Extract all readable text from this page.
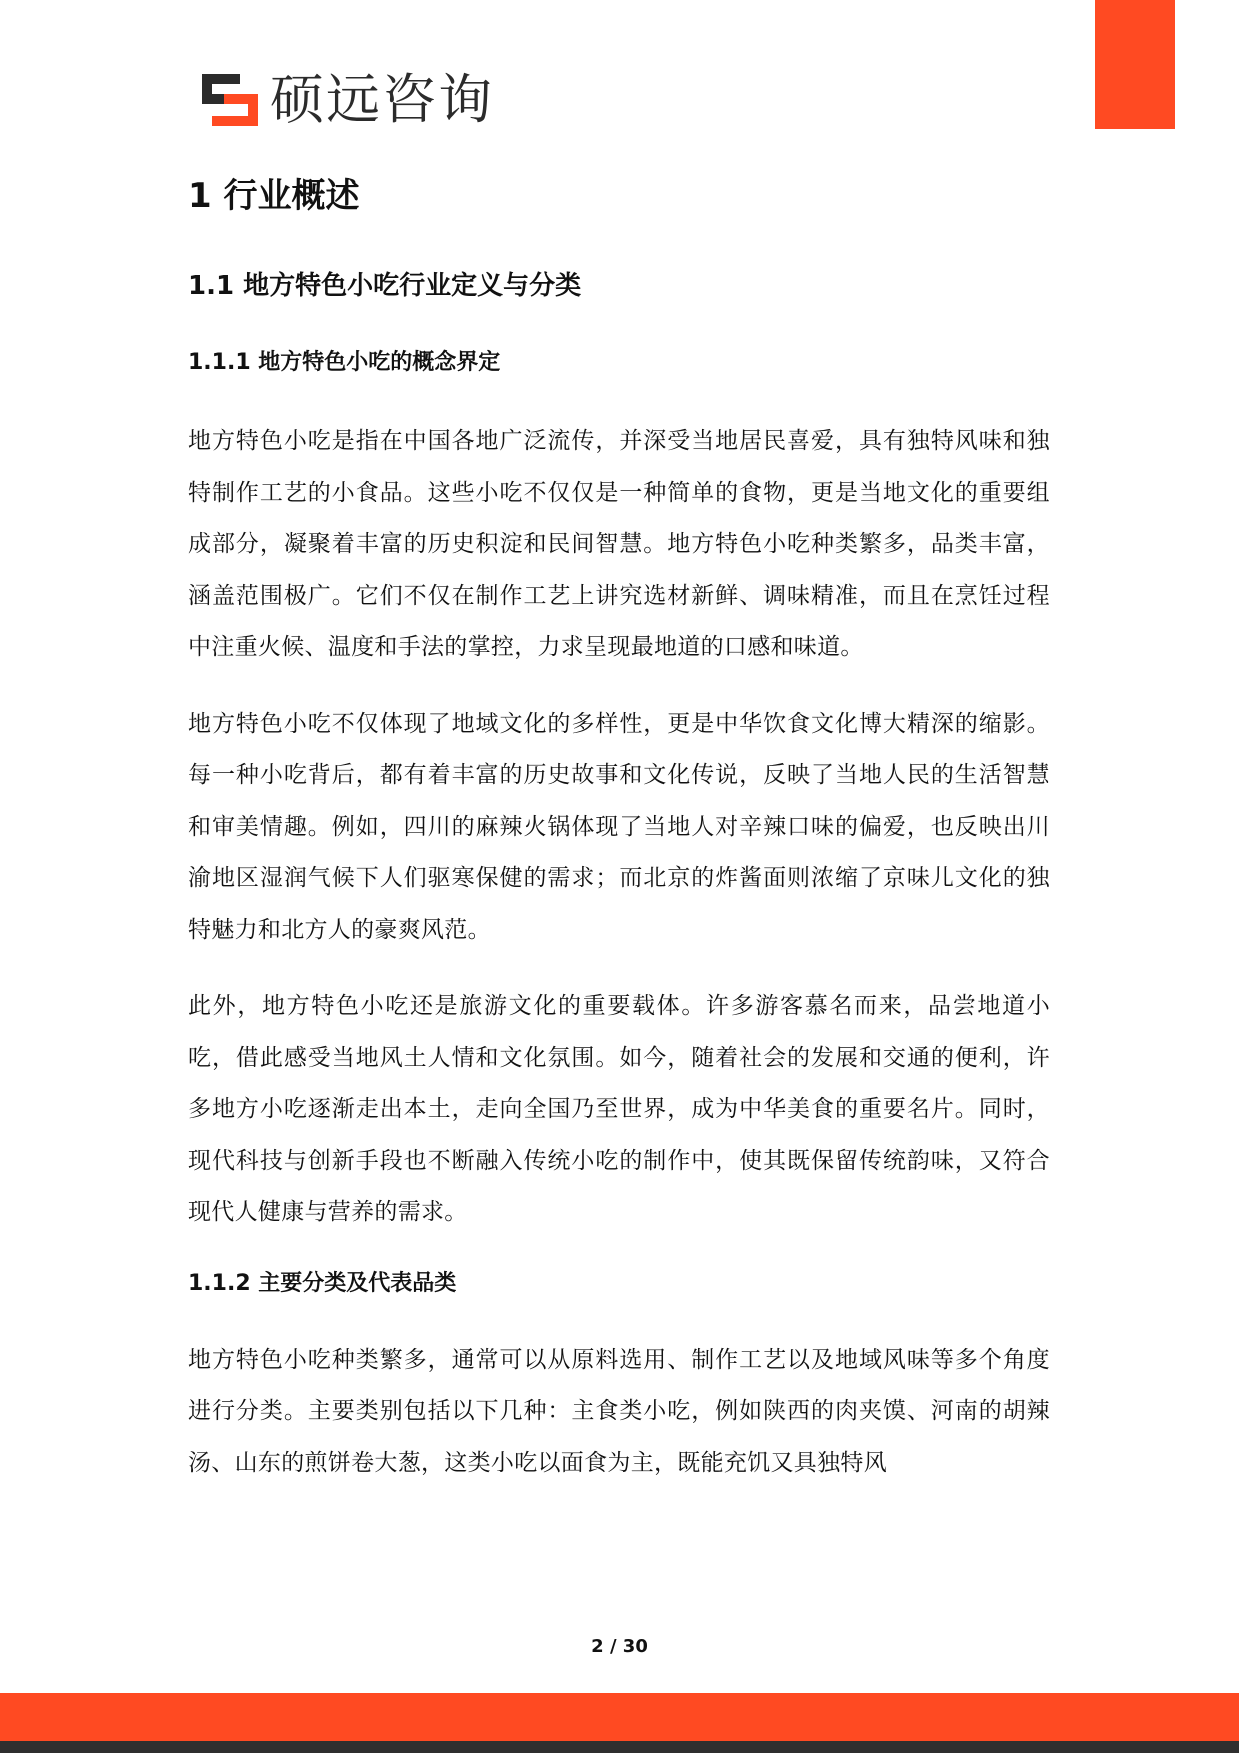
硕远咨询
1 行业概述
1.1 地方特色小吃行业定义与分类
1.1.1 地方特色小吃的概念界定

地方特色小吃是指在中国各地广泛流传，并深受当地居民喜爱，具有独特风味和独特制作工艺的小食品。这些小吃不仅仅是一种简单的食物，更是当地文化的重要组成部分，凝聚着丰富的历史积淀和民间智慧。地方特色小吃种类繁多，品类丰富，涵盖范围极广。它们不仅在制作工艺上讲究选材新鲜、调味精准，而且在烹饪过程中注重火候、温度和手法的掌控，力求呈现最地道的口感和味道。

地方特色小吃不仅体现了地域文化的多样性，更是中华饮食文化博大精深的缩影。每一种小吃背后，都有着丰富的历史故事和文化传说，反映了当地人民的生活智慧和审美情趣。例如，四川的麻辣火锅体现了当地人对辛辣口味的偏爱，也反映出川渝地区湿润气候下人们驱寒保健的需求；而北京的炸酱面则浓缩了京味儿文化的独特魅力和北方人的豪爽风范。

此外，地方特色小吃还是旅游文化的重要载体。许多游客慕名而来，品尝地道小吃，借此感受当地风土人情和文化氛围。如今，随着社会的发展和交通的便利，许多地方小吃逐渐走出本土，走向全国乃至世界，成为中华美食的重要名片。同时，现代科技与创新手段也不断融入传统小吃的制作中，使其既保留传统韵味，又符合现代人健康与营养的需求。

1.1.2 主要分类及代表品类

地方特色小吃种类繁多，通常可以从原料选用、制作工艺以及地域风味等多个角度进行分类。主要类别包括以下几种：主食类小吃，例如陕西的肉夹馍、河南的胡辣汤、山东的煎饼卷大葱，这类小吃以面食为主，既能充饥又具独特风

2 / 30
